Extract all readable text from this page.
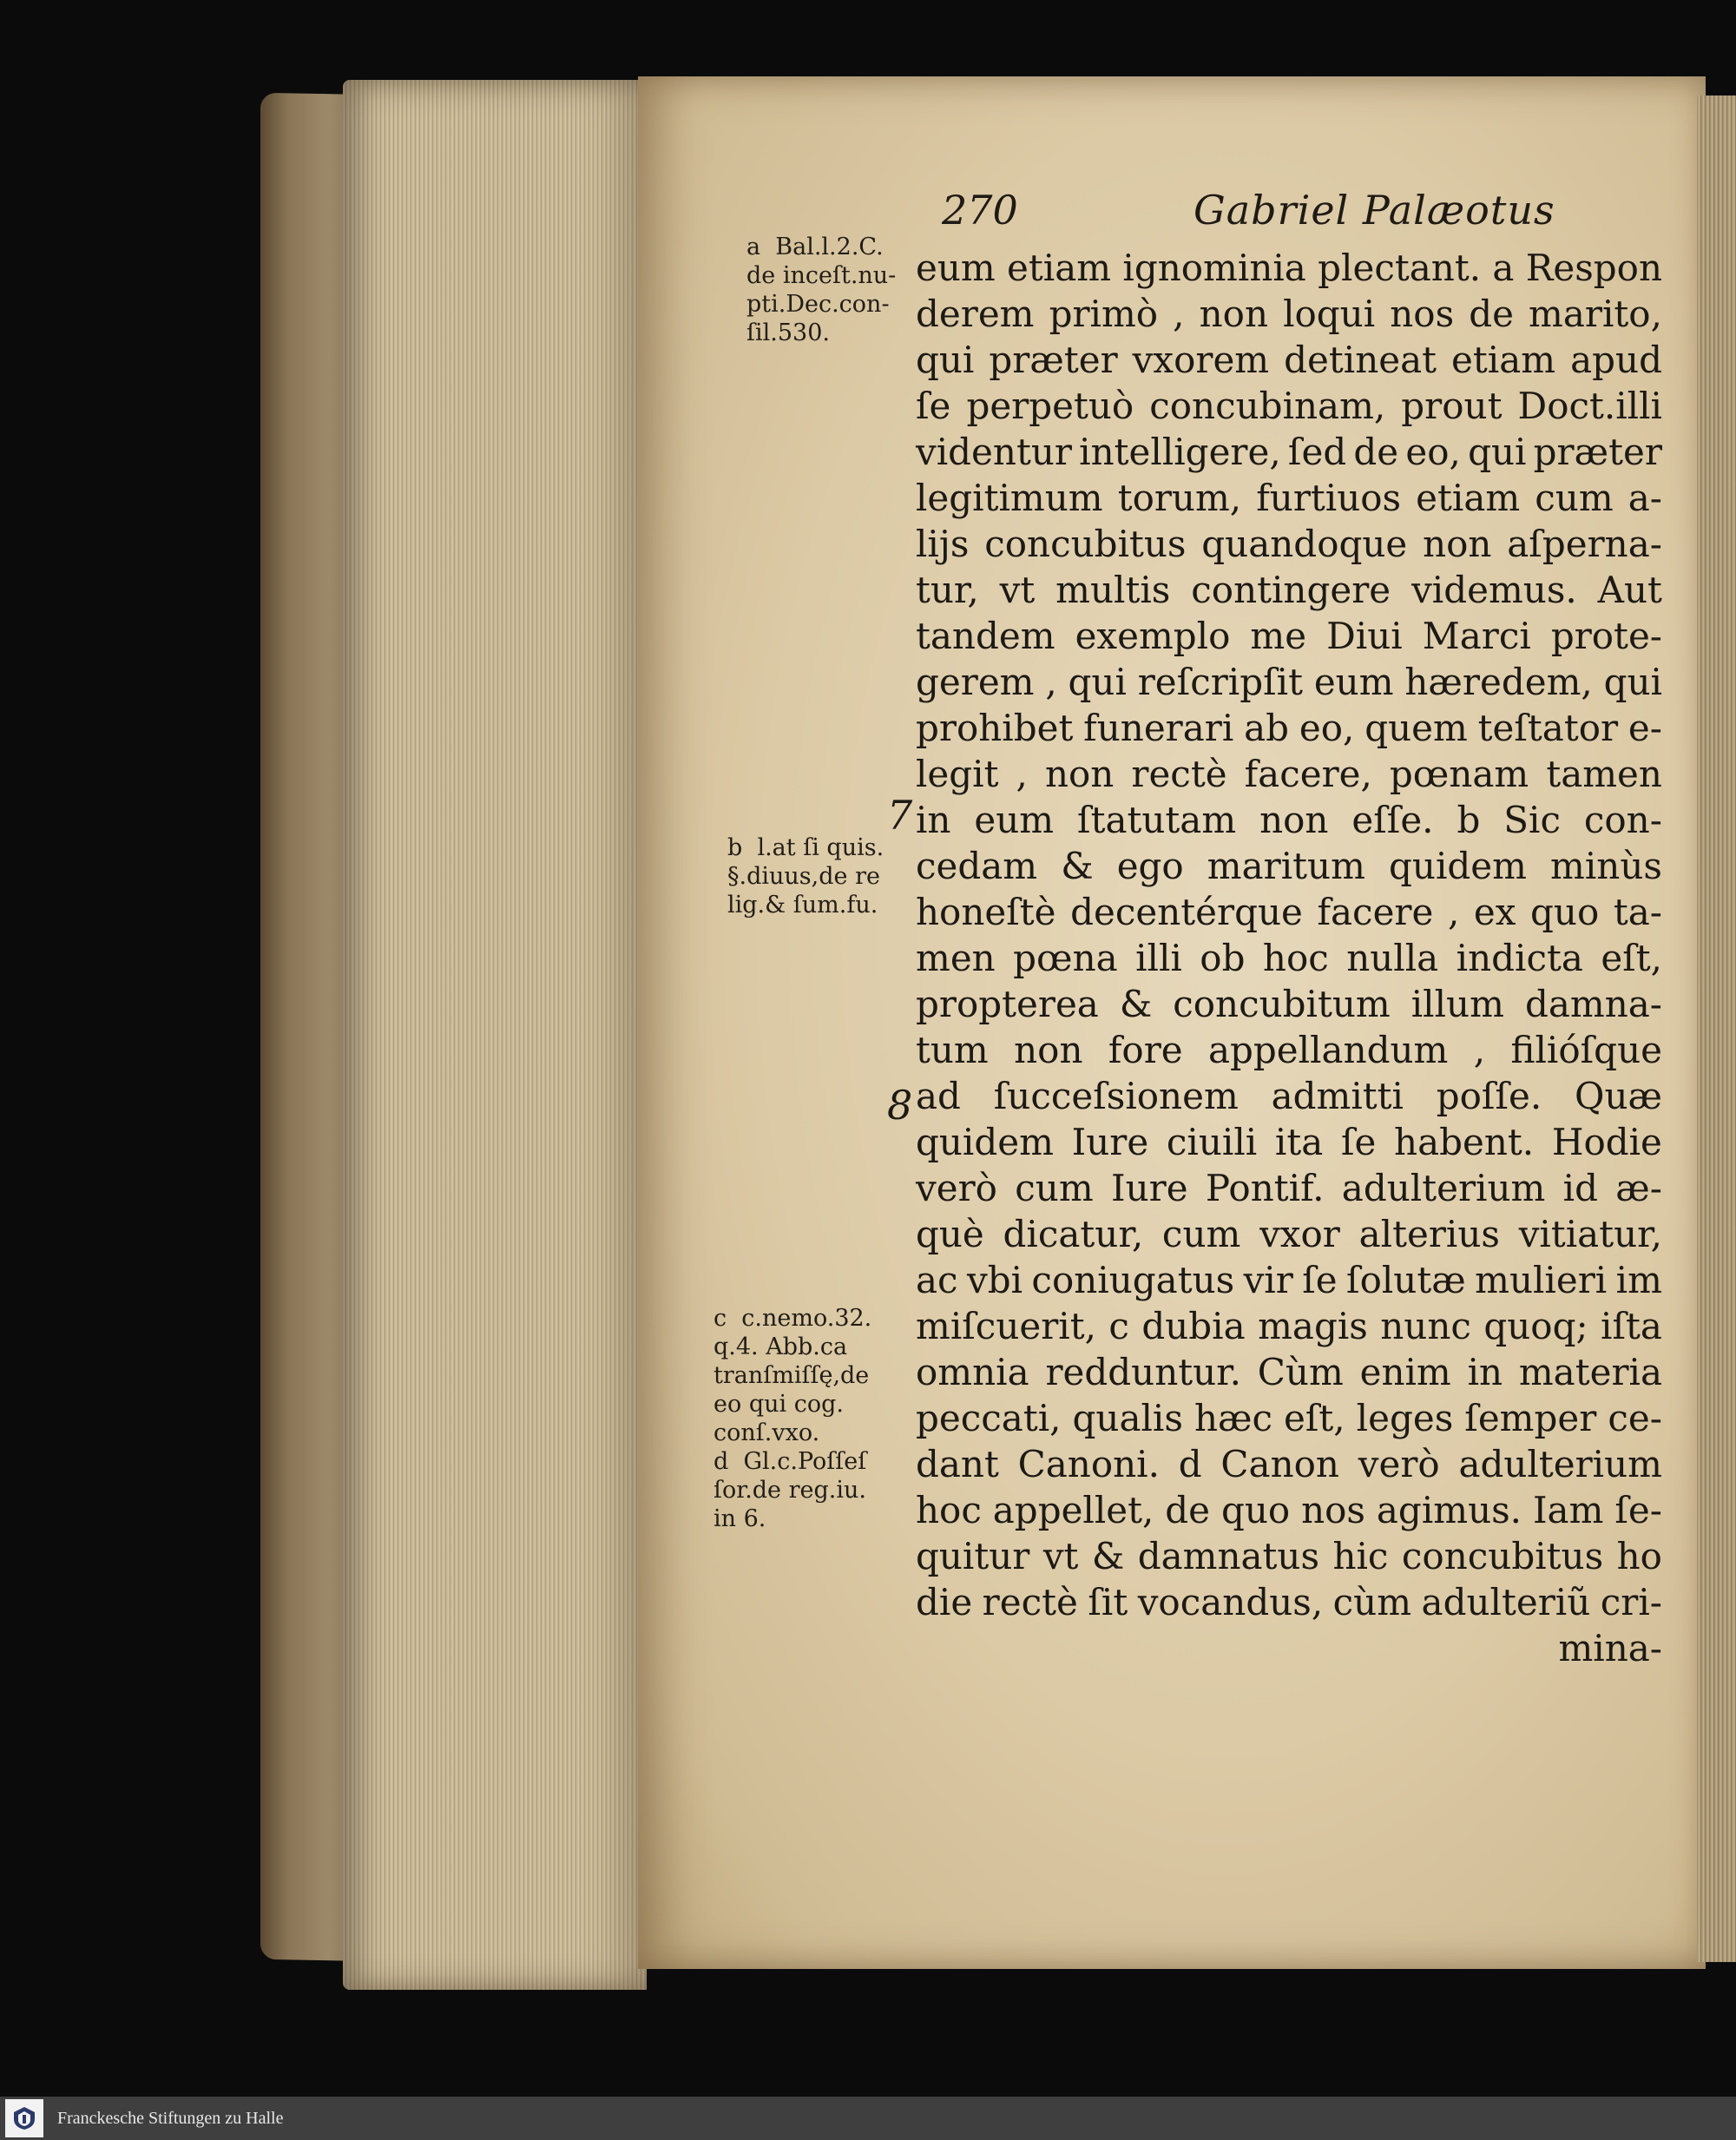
270	Gabriel Palæotus
eum etiam ignominia plectant. a Respon
derem primò , non loqui nos de marito,
qui præter vxorem detineat etiam apud
ſe perpetuò concubinam, prout Doct.illi
videntur intelligere, ſed de eo, qui præter
legitimum torum, furtiuos etiam cum a-
lijs concubitus quandoque non aſperna-
tur, vt multis contingere videmus. Aut
tandem exemplo me Diui Marci prote-
gerem , qui reſcripſit eum hæredem, qui
prohibet funerari ab eo, quem teſtator e-
legit , non rectè facere, pœnam tamen
in eum ſtatutam non eſſe. b Sic con-
cedam & ego maritum quidem minùs
honeſtè decentérque facere , ex quo ta-
men pœna illi ob hoc nulla indicta eſt,
propterea & concubitum illum damna-
tum non fore appellandum , filióſque
ad ſucceſsionem admitti poſſe. Quæ
quidem Iure ciuili ita ſe habent. Hodie
verò cum Iure Pontif. adulterium id æ-
què dicatur, cum vxor alterius vitiatur,
ac vbi coniugatus vir ſe ſolutæ mulieri im
miſcuerit, c dubia magis nunc quoq; iſta
omnia redduntur. Cùm enim in materia
peccati, qualis hæc eſt, leges ſemper ce-
dant Canoni. d Canon verò adulterium
hoc appellet, de quo nos agimus. Iam ſe-
quitur vt & damnatus hic concubitus ho
die rectè ſit vocandus, cùm adulteriũ cri-
mina-
a  Bal.l.2.C.
de inceſt.nu-
pti.Dec.con-
ſil.530.
b  l.at ſi quis.
§.diuus,de re
lig.& ſum.fu.
c  c.nemo.32.
q.4. Abb.ca
tranſmiſſę,de
eo qui cog.
conſ.vxo.
d  Gl.c.Poſſeſ
ſor.de reg.iu.
in 6.
7
8
Franckesche Stiftungen zu Halle
